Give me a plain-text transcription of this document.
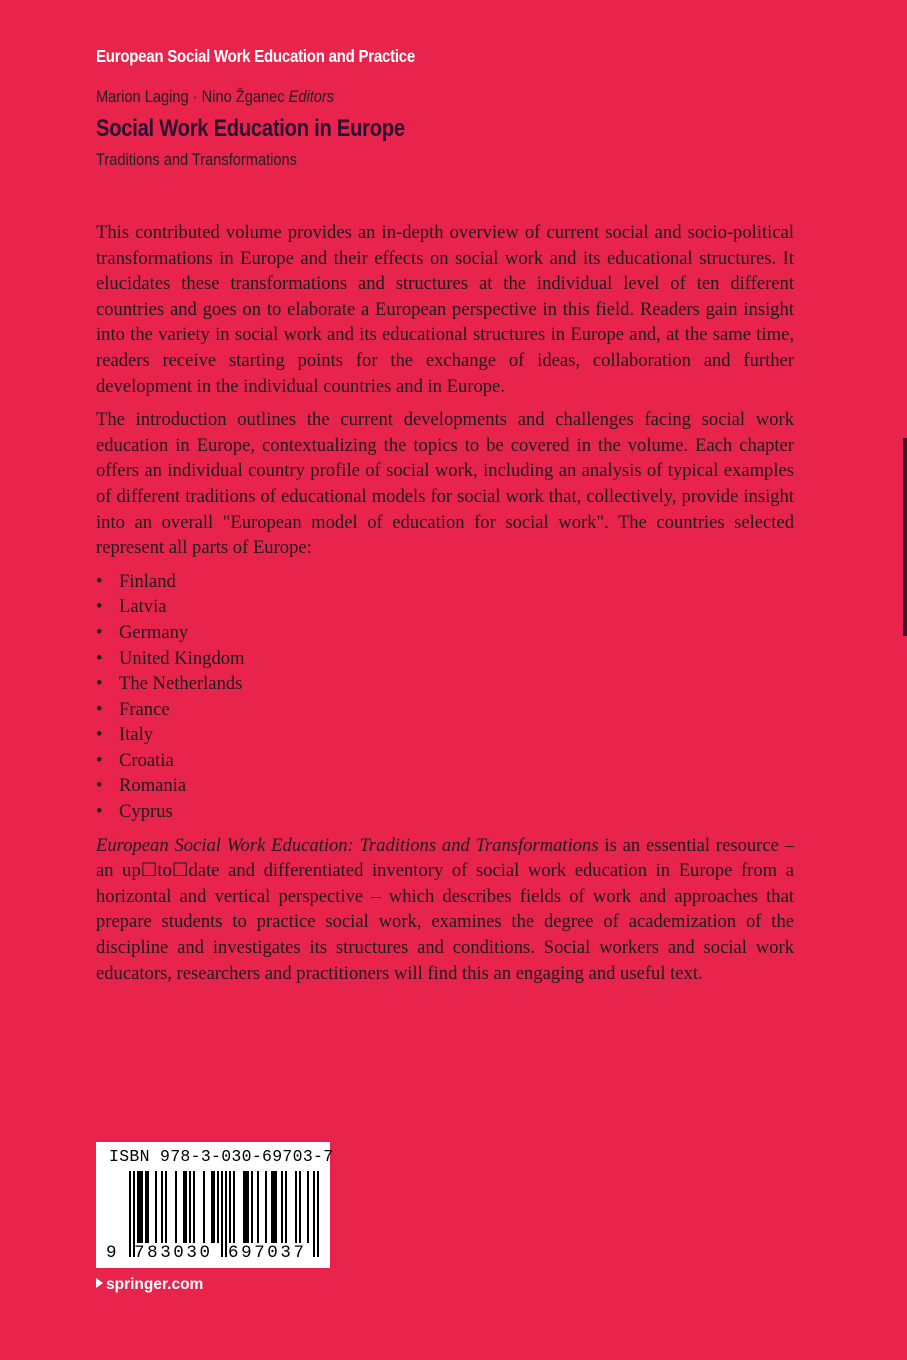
European Social Work Education and Practice
Marion Laging · Nino Žganec Editors
Social Work Education in Europe
Traditions and Transformations

This contributed volume provides an in-depth overview of current social and socio-political transformations in Europe and their effects on social work and its educational structures. It elucidates these transformations and structures at the individual level of ten different countries and goes on to elaborate a European perspective in this field. Readers gain insight into the variety in social work and its educational structures in Europe and, at the same time, readers receive starting points for the exchange of ideas, collaboration and further development in the individual countries and in Europe.

The introduction outlines the current developments and challenges facing social work education in Europe, contextualizing the topics to be covered in the volume. Each chapter offers an individual country profile of social work, including an analysis of typical examples of different traditions of educational models for social work that, collectively, provide insight into an overall "European model of education for social work". The countries selected represent all parts of Europe:

• Finland
• Latvia
• Germany
• United Kingdom
• The Netherlands
• France
• Italy
• Croatia
• Romania
• Cyprus

European Social Work Education: Traditions and Transformations is an essential resource – an up☐to☐date and differentiated inventory of social work education in Europe from a horizontal and vertical perspective – which describes fields of work and approaches that prepare students to practice social work, examines the degree of academization of the discipline and investigates its structures and conditions. Social workers and social work educators, researchers and practitioners will find this an engaging and useful text.

ISBN 978-3-030-69703-7
9 783030 697037
springer.com
